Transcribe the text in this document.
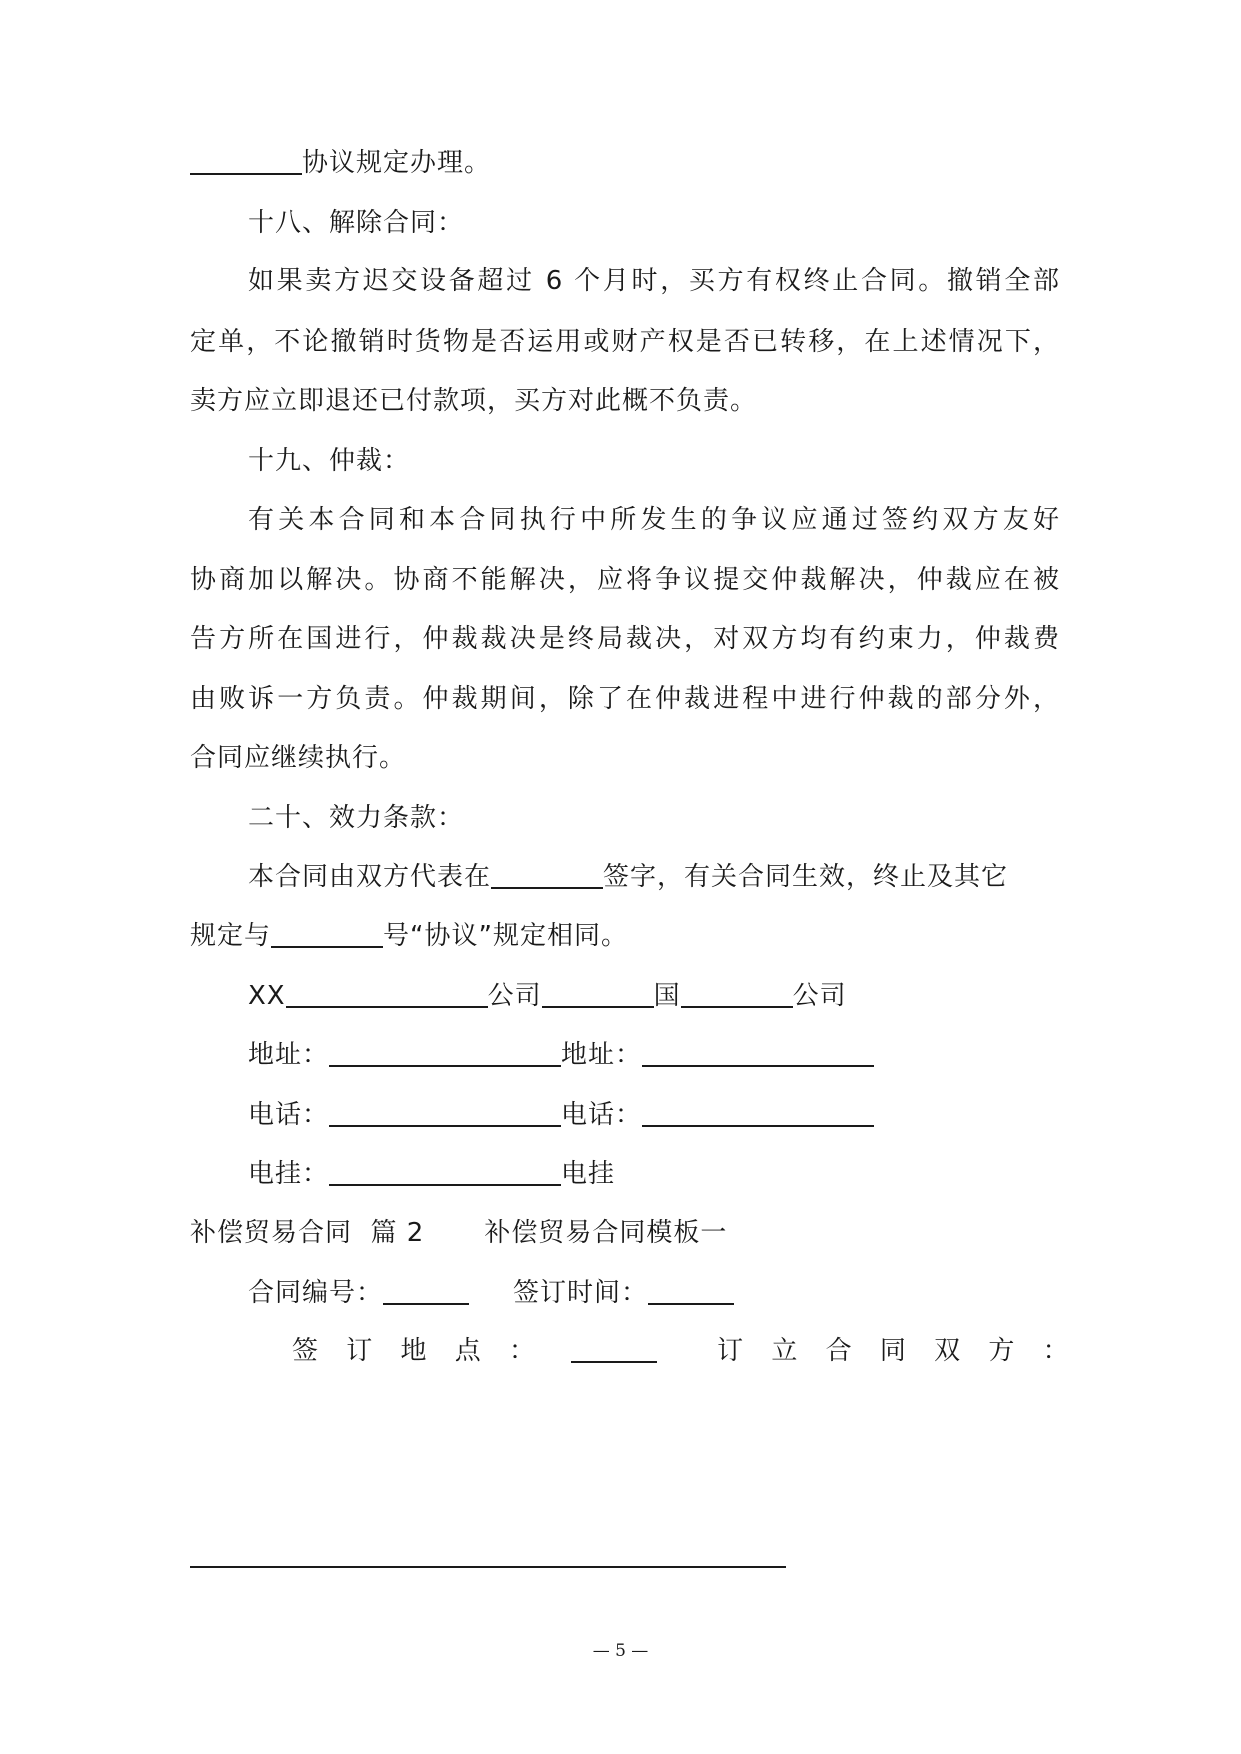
协议规定办理。
十八、解除合同：
如果卖方迟交设备超过 6 个月时，买方有权终止合同。撤销全部
定单，不论撤销时货物是否运用或财产权是否已转移，在上述情况下，
卖方应立即退还已付款项，买方对此概不负责。
十九、仲裁：
有关本合同和本合同执行中所发生的争议应通过签约双方友好
协商加以解决。协商不能解决，应将争议提交仲裁解决，仲裁应在被
告方所在国进行，仲裁裁决是终局裁决，对双方均有约束力，仲裁费
由败诉一方负责。仲裁期间，除了在仲裁进程中进行仲裁的部分外，
合同应继续执行。
二十、效力条款：
本合同由双方代表在	签字，有关合同生效，终止及其它
规定与	号“协议”规定相同。
XX	公司	国	公司
地址：	地址：
电话：	电话：
电挂：	电挂
补偿贸易合同  篇 2 补偿贸易合同模板一
合同编号：	签订时间：
签 订 地 点 ：	订 立 合 同 双 方 ：
— 5 —
